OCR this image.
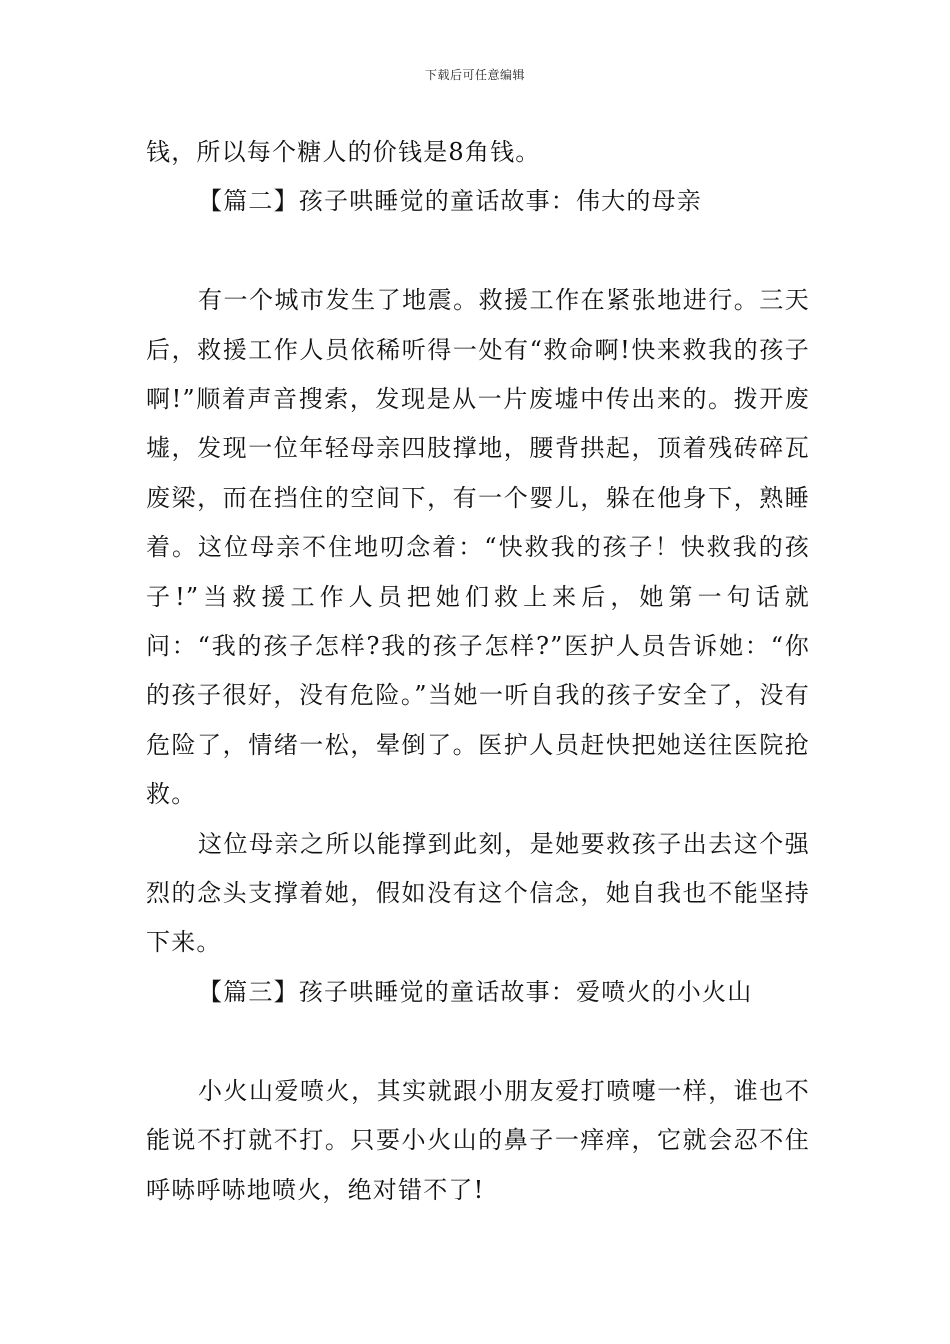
下载后可任意编辑

钱，所以每个糖人的价钱是8角钱。

【篇二】孩子哄睡觉的童话故事：伟大的母亲

有一个城市发生了地震。救援工作在紧张地进行。三天后，救援工作人员依稀听得一处有“救命啊!快来救我的孩子啊!”顺着声音搜索，发现是从一片废墟中传出来的。拨开废墟，发现一位年轻母亲四肢撑地，腰背拱起，顶着残砖碎瓦废梁，而在挡住的空间下，有一个婴儿，躲在他身下，熟睡着。这位母亲不住地叨念着：“快救我的孩子！快救我的孩子!”当救援工作人员把她们救上来后，她第一句话就问：“我的孩子怎样?我的孩子怎样?”医护人员告诉她：“你的孩子很好，没有危险。”当她一听自我的孩子安全了，没有危险了，情绪一松，晕倒了。医护人员赶快把她送往医院抢救。

这位母亲之所以能撑到此刻，是她要救孩子出去这个强烈的念头支撑着她，假如没有这个信念，她自我也不能坚持下来。

【篇三】孩子哄睡觉的童话故事：爱喷火的小火山

小火山爱喷火，其实就跟小朋友爱打喷嚏一样，谁也不能说不打就不打。只要小火山的鼻子一痒痒，它就会忍不住呼哧呼哧地喷火，绝对错不了!
